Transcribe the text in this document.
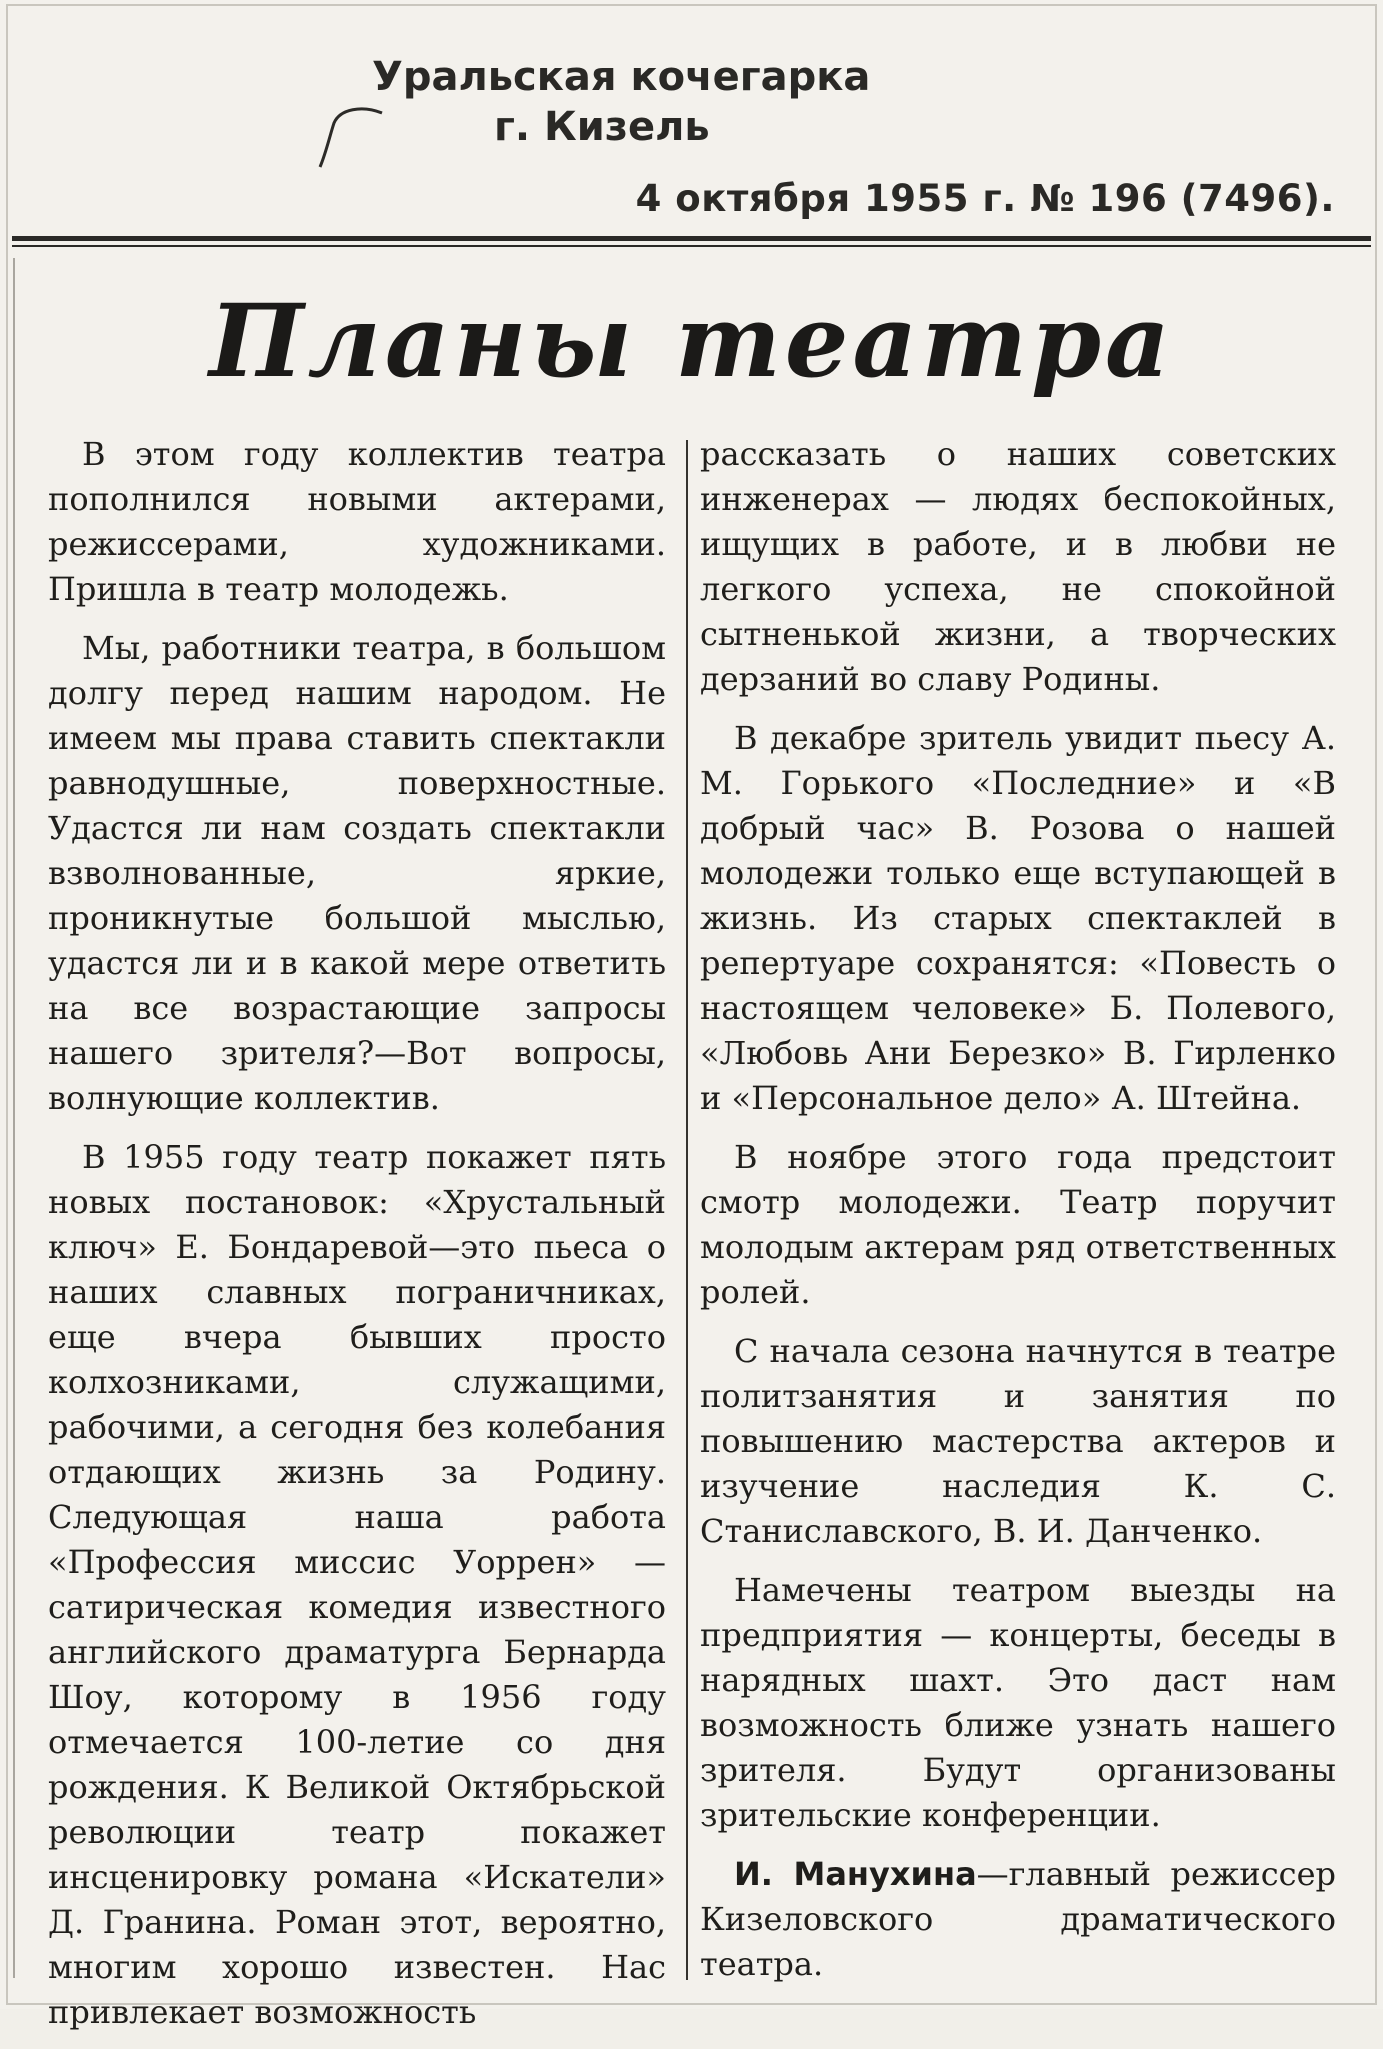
Уральская кочегарка
г. Кизель
4 октября 1955 г. № 196 (7496).
Планы театра

В этом году коллектив театра пополнился новыми актерами, режиссерами, художниками. Пришла в театр молодежь.

Мы, работники театра, в большом долгу перед нашим народом. Не имеем мы права ставить спектакли равнодушные, поверхностные. Удастся ли нам создать спектакли взволнованные, яркие, проникнутые большой мыслью, удастся ли и в какой мере ответить на все возрастающие запросы нашего зрителя?—Вот вопросы, волнующие коллектив.

В 1955 году театр покажет пять новых постановок: «Хрустальный ключ» Е. Бондаревой—это пьеса о наших славных пограничниках, еще вчера бывших просто колхозниками, служащими, рабочими, а сегодня без колебания отдающих жизнь за Родину. Следующая наша работа «Профессия миссис Уоррен» — сатирическая комедия известного английского драматурга Бернарда Шоу, которому в 1956 году отмечается 100-летие со дня рождения. К Великой Октябрьской революции театр покажет инсценировку романа «Искатели» Д. Гранина. Роман этот, вероятно, многим хорошо известен. Нас привлекает возможность

рассказать о наших советских инженерах — людях беспокойных, ищущих в работе, и в любви не легкого успеха, не спокойной сытненькой жизни, а творческих дерзаний во славу Родины.

В декабре зритель увидит пьесу А. М. Горького «Последние» и «В добрый час» В. Розова о нашей молодежи только еще вступающей в жизнь. Из старых спектаклей в репертуаре сохранятся: «Повесть о настоящем человеке» Б. Полевого, «Любовь Ани Березко» В. Гирленко и «Персональное дело» А. Штейна.

В ноябре этого года предстоит смотр молодежи. Театр поручит молодым актерам ряд ответственных ролей.

С начала сезона начнутся в театре политзанятия и занятия по повышению мастерства актеров и изучение наследия К. С. Станиславского, В. И. Данченко.

Намечены театром выезды на предприятия — концерты, беседы в нарядных шахт. Это даст нам возможность ближе узнать нашего зрителя. Будут организованы зрительские конференции.

И. Манухина—главный режиссер Кизеловского драматического театра.
